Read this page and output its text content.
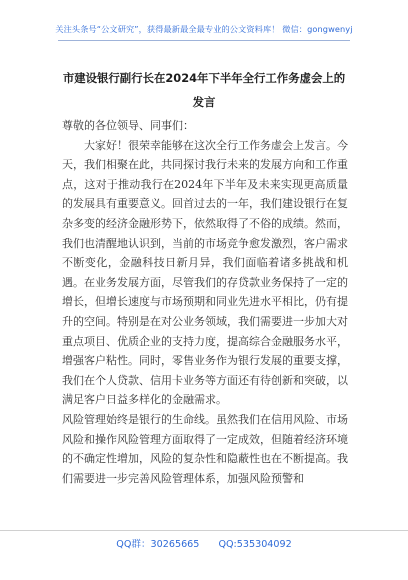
关注头条号“公文研究”，获得最新最全最专业的公文资料库！ 微信：gongwenyj
市建设银行副行长在2024年下半年全行工作务虚会上的发言

尊敬的各位领导、同事们：

大家好！很荣幸能够在这次全行工作务虚会上发言。今天，我们相聚在此，共同探讨我行未来的发展方向和工作重点，这对于推动我行在2024年下半年及未来实现更高质量的发展具有重要意义。回首过去的一年，我们建设银行在复杂多变的经济金融形势下，依然取得了不俗的成绩。然而，我们也清醒地认识到，当前的市场竞争愈发激烈，客户需求不断变化，金融科技日新月异，我们面临着诸多挑战和机遇。在业务发展方面，尽管我们的存贷款业务保持了一定的增长，但增长速度与市场预期和同业先进水平相比，仍有提升的空间。特别是在对公业务领域，我们需要进一步加大对重点项目、优质企业的支持力度，提高综合金融服务水平，增强客户粘性。同时，零售业务作为银行发展的重要支撑，我们在个人贷款、信用卡业务等方面还有待创新和突破，以满足客户日益多样化的金融需求。

风险管理始终是银行的生命线。虽然我们在信用风险、市场风险和操作风险管理方面取得了一定成效，但随着经济环境的不确定性增加，风险的复杂性和隐蔽性也在不断提高。我们需要进一步完善风险管理体系，加强风险预警和

QQ群：30265665 QQ:535304092
